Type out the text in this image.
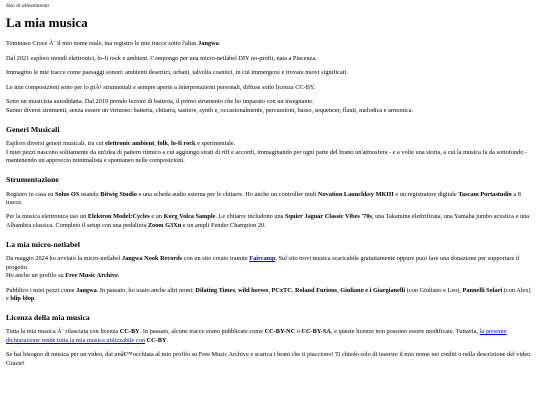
Sito in allestimento

La mia musica

Tommaso Croce Ã¨ il mio nome reale, ma registro le mie tracce sotto l'alias Jangwa.

Dal 2021 esploro mondi elettronici, lo-fi rock e ambient. Compongo per una micro-netlabel DIY no-profit, nata a Piacenza.

Immagino le mie tracce come paesaggi sonori: ambienti desertici, urbani, talvolta cosmici, in cui immergersi e trovare nuovi significati.

Le mie composizioni sono per lo piÃ¹ strumentali e sempre aperte a interpretazioni personali, diffuse sotto licenza CC-BY.

Sono un musicista autodidatta. Dal 2019 prendo lezioni di batteria, il primo strumento che ho imparato con un insegnante.
Suono diversi strumenti, senza essere un virtuoso: batteria, chitarra, tastiere, synth e, occasionalmente, percussioni, basso, sequencer, flauti, melodica e armonica.

Generi Musicali

Esploro diversi generi musicali, tra cui elettronic ambient, folk, lo-fi rock e sperimentale.
I miei pezzi nascono solitamente da un'idea di pattern ritmico a cui aggiungo strati di riff e accordi, immaginando per ogni parte del brano un'atmosfera - e a volte una storia, a cui la musica fa da sottofondo - mantenendo un approccio minimalista e spontaneo nelle composizioni.

Strumentazione

Registro in casa su Solus OS usando Bitwig Studio e una scheda audio esterna per le chitarre. Ho anche un controller midi Novation Launchkey MKIII e un registratore digitale Tascam Portastudio a 8 tracce.

Per la musica elettronica uso un Elektron Model:Cycles e un Korg Volca Sample. Le chitarre includono una Squier Jaguar Classic Vibes '70s, una Takamine elettrificata, una Yamaha jumbo acustica e una Alhambra classica. Completo il setup con una pedaliera Zoom G3Xn e un ampli Fender Champion 20.

La mia micro-netlabel

Da maggio 2024 ho avviato la micro-netlabel Jangwa Nook Records con un sito creato tramite Faircamp. Sul sito trovi musica scaricabile gratuitamente oppure puoi fare una donazione per supportare il progetto.
Ho anche un profilo su Free Music Archive.

Pubblico i miei pezzi come Jangwa. In passato, ho usato anche altri nomi: Dilating Times, wild horses, PCxTC, Roland Furious, Giuliano e i Giargianelli (con Giuliano e Leo), Pannelli Solari (con Alex) e blip blop.

Licenza della mia musica

Tutta la mia musica Ã¨ rilasciata con licenza CC-BY. In passato, alcune tracce erano pubblicate come CC-BY-NC o CC-BY-SA, e queste licenze non possono essere modificate. Tuttavia, la presente dichiarazione rende tutta la mia musica utilizzabile con CC-BY.

Se hai bisogno di musica per un video, dai unâ€™occhiata al mio profilo su Free Music Archive e scarica i brani che ti piacciono! Ti chiedo solo di inserire il mio nome nei crediti o nella descrizione del video. Grazie!
